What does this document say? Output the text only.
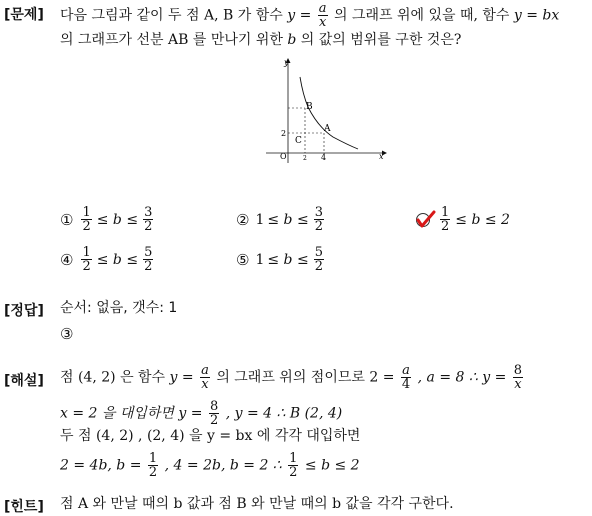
[문제] 다음 그림과 같이 두 점 A, B 가 함수 $y = \frac{a}{x}$ 의 그래프 위에 있을 때, 함수 y = bx
의 그래프가 선분 AB 를 만나기 위한 b 의 값의 범위를 구한 것은?
y
x
O
2
2 4
A
B
C
① $\frac{1}{2} \le b \le \frac{3}{2}$	② $1 \le b \le \frac{3}{2}$	$\frac{1}{2} \le b \le 2$
④ $\frac{1}{2} \le b \le \frac{5}{2}$	⑤ $1 \le b \le \frac{5}{2}$
[정답] 순서: 없음, 갯수: 1
③
[해설] 점 (4, 2) 은 함수 $y = \frac{a}{x}$ 의 그래프 위의 점이므로 $2 = \frac{a}{4}$ , a = 8 ∴ $y = \frac{8}{x}$
x = 2 을 대입하면 $y = \frac{8}{2}$ , y = 4 ∴ B (2, 4)
두 점 (4, 2) , (2, 4) 을 y = bx 에 각각 대입하면
2 = 4b, $b = \frac{1}{2}$ , 4 = 2b, b = 2 ∴ $\frac{1}{2} \le b \le 2$
[힌트] 점 A 와 만날 때의 b 값과 점 B 와 만날 때의 b 값을 각각 구한다.
